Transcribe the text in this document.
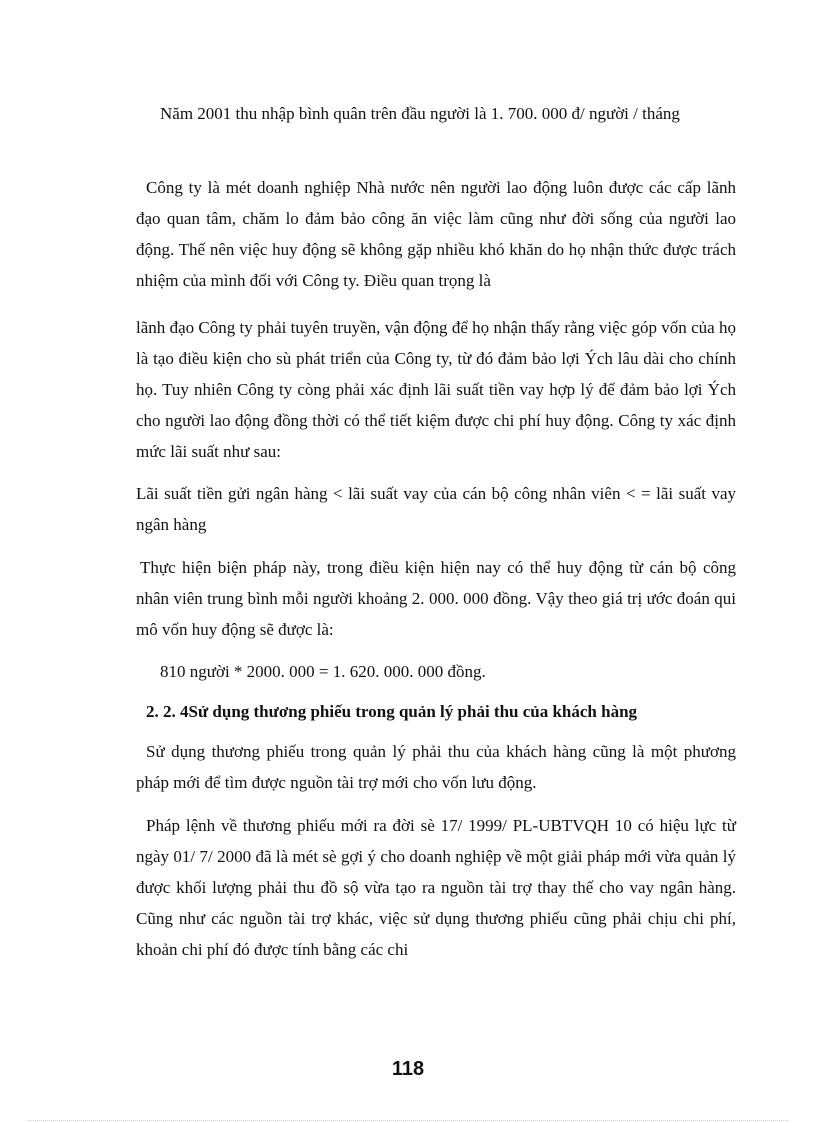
Năm 2001 thu nhập bình quân trên đầu người là 1. 700. 000 đ/ người / tháng
Công ty là mét doanh nghiệp Nhà nước nên người lao động luôn được các cấp lãnh đạo quan tâm, chăm lo đảm bảo công ăn việc làm cũng như đời sống của người lao động. Thế nên việc huy động sẽ không gặp nhiều khó khăn do họ nhận thức được trách nhiệm của mình đối với Công ty. Điều quan trọng là
lãnh đạo Công ty phải tuyên truyền, vận động để họ nhận thấy rằng việc góp vốn của họ là tạo điều kiện cho sù phát triển của Công ty, từ đó đảm bảo lợi Ých lâu dài cho chính họ. Tuy nhiên Công ty còng phải xác định lãi suất tiền vay hợp lý để đảm bảo lợi Ých cho người lao động đồng thời có thể tiết kiệm được chi phí huy động. Công ty xác định mức lãi suất như sau:
Lãi suất tiền gửi ngân hàng < lãi suất vay của cán bộ công nhân viên < = lãi suất vay ngân hàng
Thực hiện biện pháp này, trong điều kiện hiện nay có thể huy động từ cán bộ công nhân viên trung bình mỗi người khoảng 2. 000. 000 đồng. Vậy theo giá trị ước đoán qui mô vốn huy động sẽ được là:
810 người * 2000. 000 = 1. 620. 000. 000 đồng.
2. 2. 4Sử dụng thương phiếu trong quản lý phải thu của khách hàng
Sử dụng thương phiếu trong quản lý phải thu của khách hàng cũng là một phương pháp mới để tìm được nguồn tài trợ mới cho vốn lưu động.
Pháp lệnh về thương phiếu mới ra đời sè 17/ 1999/ PL-UBTVQH 10 có hiệu lực từ ngày 01/ 7/ 2000 đã là mét sè gợi ý cho doanh nghiệp về một giải pháp mới vừa quản lý được khối lượng phải thu đồ sộ vừa tạo ra nguồn tài trợ thay thế cho vay ngân hàng. Cũng như các nguồn tài trợ khác, việc sử dụng thương phiếu cũng phải chịu chi phí, khoản chi phí đó được tính bằng các chi
118
